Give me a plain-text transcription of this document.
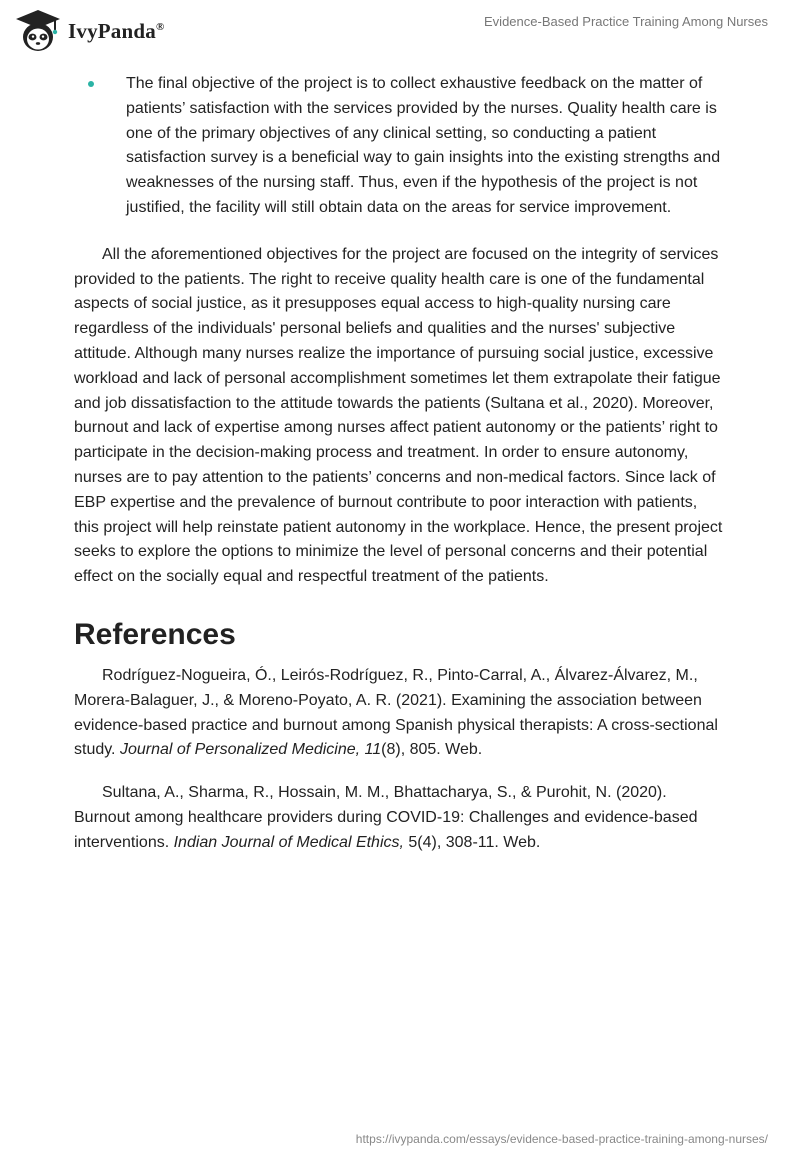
IvyPanda®	Evidence-Based Practice Training Among Nurses

The final objective of the project is to collect exhaustive feedback on the matter of patients’ satisfaction with the services provided by the nurses. Quality health care is one of the primary objectives of any clinical setting, so conducting a patient satisfaction survey is a beneficial way to gain insights into the existing strengths and weaknesses of the nursing staff. Thus, even if the hypothesis of the project is not justified, the facility will still obtain data on the areas for service improvement.

All the aforementioned objectives for the project are focused on the integrity of services provided to the patients. The right to receive quality health care is one of the fundamental aspects of social justice, as it presupposes equal access to high-quality nursing care regardless of the individuals' personal beliefs and qualities and the nurses' subjective attitude. Although many nurses realize the importance of pursuing social justice, excessive workload and lack of personal accomplishment sometimes let them extrapolate their fatigue and job dissatisfaction to the attitude towards the patients (Sultana et al., 2020). Moreover, burnout and lack of expertise among nurses affect patient autonomy or the patients’ right to participate in the decision-making process and treatment. In order to ensure autonomy, nurses are to pay attention to the patients’ concerns and non-medical factors. Since lack of EBP expertise and the prevalence of burnout contribute to poor interaction with patients, this project will help reinstate patient autonomy in the workplace. Hence, the present project seeks to explore the options to minimize the level of personal concerns and their potential effect on the socially equal and respectful treatment of the patients.

References

Rodríguez-Nogueira, Ó., Leirós-Rodríguez, R., Pinto-Carral, A., Álvarez-Álvarez, M., Morera-Balaguer, J., & Moreno-Poyato, A. R. (2021). Examining the association between evidence-based practice and burnout among Spanish physical therapists: A cross-sectional study. Journal of Personalized Medicine, 11(8), 805. Web.

Sultana, A., Sharma, R., Hossain, M. M., Bhattacharya, S., & Purohit, N. (2020). Burnout among healthcare providers during COVID-19: Challenges and evidence-based interventions. Indian Journal of Medical Ethics, 5(4), 308-11. Web.

https://ivypanda.com/essays/evidence-based-practice-training-among-nurses/
